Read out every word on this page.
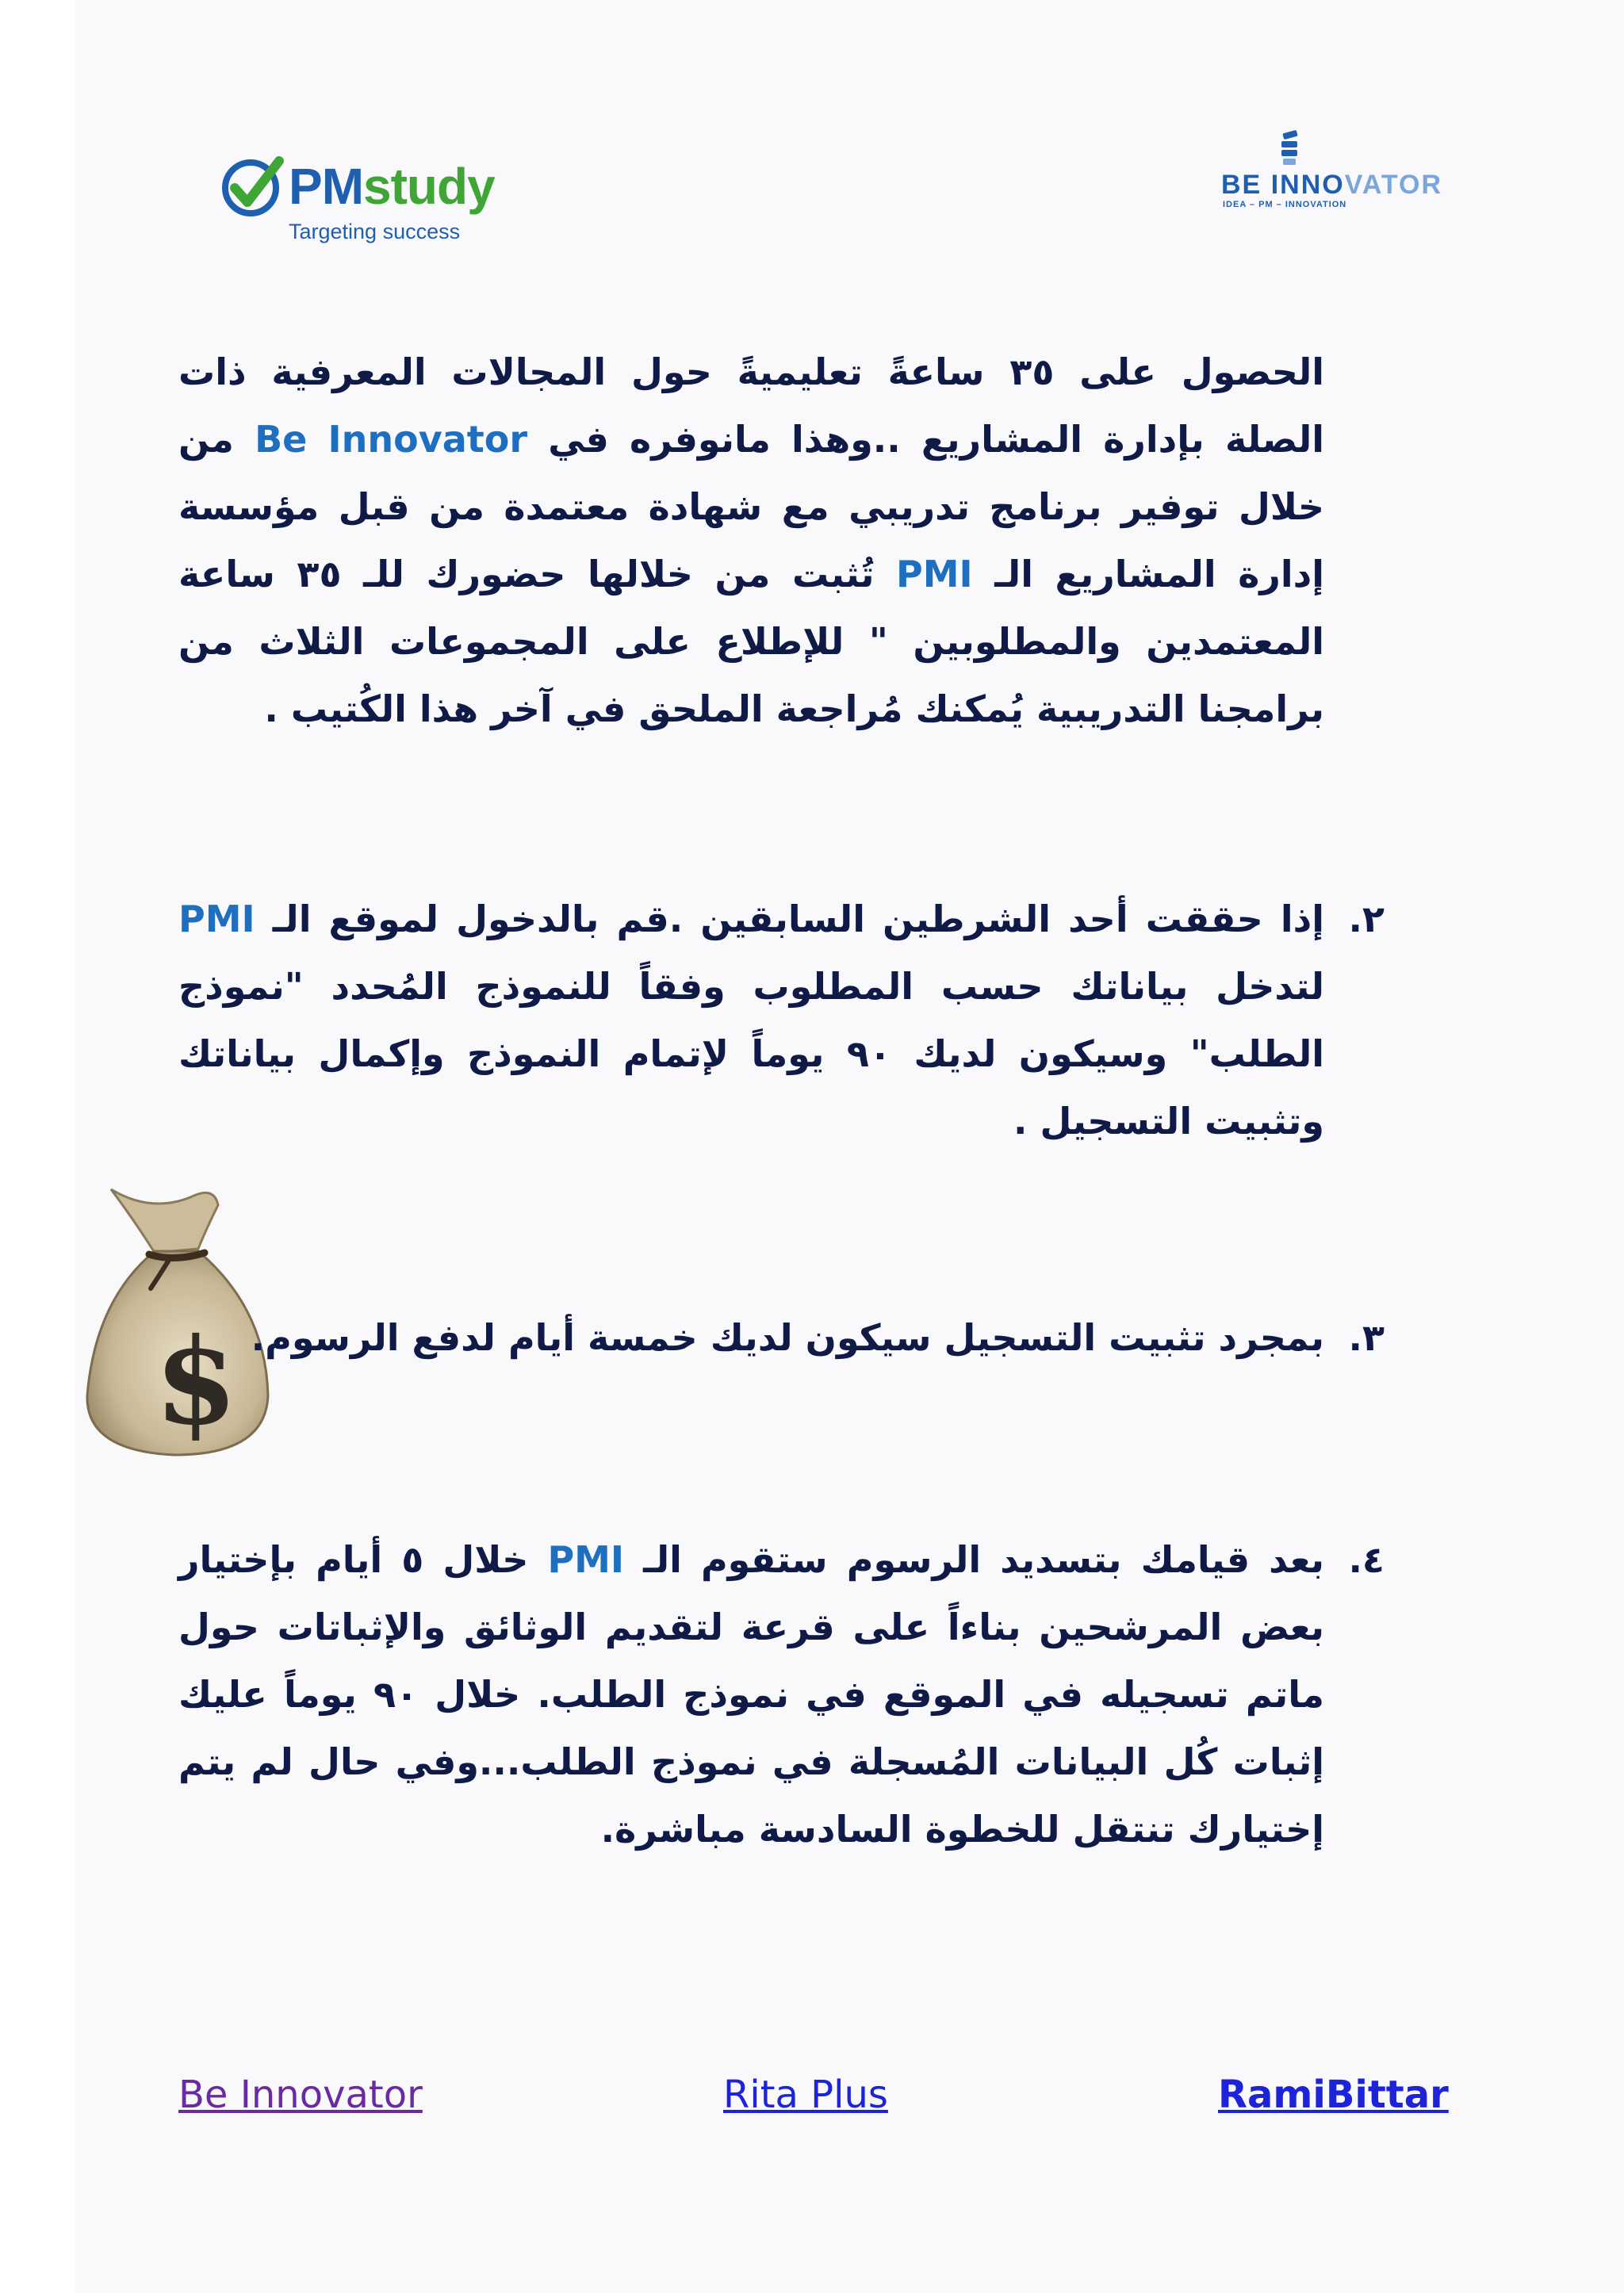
PMstudy
Targeting success
BE INNOVATOR
IDEA – PM – INNOVATION
الحصول على ٣٥ ساعةً تعليميةً حول المجالات المعرفية ذات الصلة بإدارة المشاريع ..وهذا مانوفره في Be Innovator من خلال توفير برنامج تدريبي مع شهادة معتمدة من قبل مؤسسة إدارة المشاريع الـ PMI تُثبت من خلالها حضورك للـ ٣٥ ساعة المعتمدين والمطلوبين " للإطلاع على المجموعات الثلاث من برامجنا التدريبية يُمكنك مُراجعة الملحق في آخر هذا الكُتيب .
٢.
إذا حققت أحد الشرطين السابقين .قم بالدخول لموقع الـ PMI لتدخل بياناتك حسب المطلوب وفقاً للنموذج المُحدد "نموذج الطلب" وسيكون لديك ٩٠ يوماً لإتمام النموذج وإكمال بياناتك وتثبيت التسجيل .
$	٣.
بمجرد تثبيت التسجيل سيكون لديك خمسة أيام لدفع الرسوم.
٤.
بعد قيامك بتسديد الرسوم ستقوم الـ PMI خلال ٥ أيام بإختيار بعض المرشحين بناءاً على قرعة لتقديم الوثائق والإثباتات حول ماتم تسجيله في الموقع في نموذج الطلب. خلال ٩٠ يوماً عليك إثبات كُل البيانات المُسجلة في نموذج الطلب...وفي حال لم يتم إختيارك تنتقل للخطوة السادسة مباشرة.
Be Innovator	Rita Plus	RamiBittar
